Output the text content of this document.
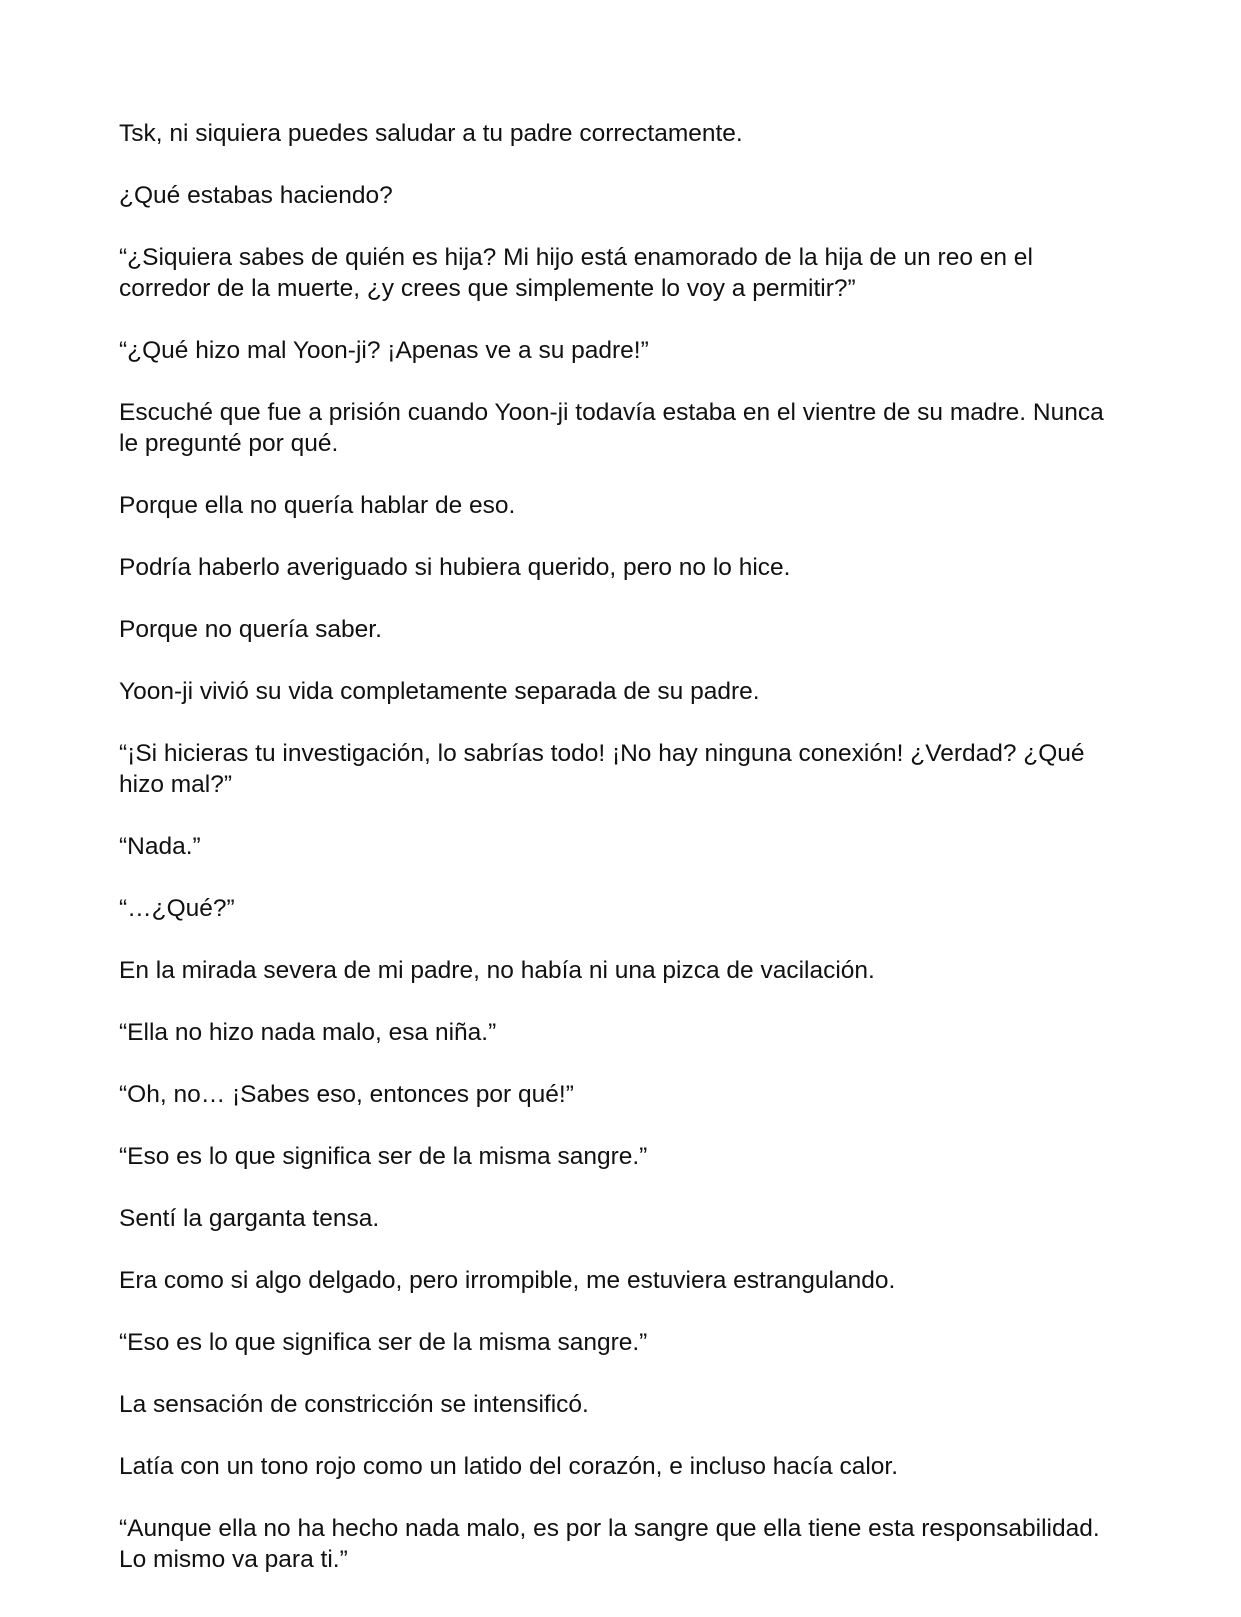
Tsk, ni siquiera puedes saludar a tu padre correctamente.

¿Qué estabas haciendo?

“¿Siquiera sabes de quién es hija? Mi hijo está enamorado de la hija de un reo en el corredor de la muerte, ¿y crees que simplemente lo voy a permitir?”

“¿Qué hizo mal Yoon-ji? ¡Apenas ve a su padre!”

Escuché que fue a prisión cuando Yoon-ji todavía estaba en el vientre de su madre. Nunca le pregunté por qué.

Porque ella no quería hablar de eso.

Podría haberlo averiguado si hubiera querido, pero no lo hice.

Porque no quería saber.

Yoon-ji vivió su vida completamente separada de su padre.

“¡Si hicieras tu investigación, lo sabrías todo! ¡No hay ninguna conexión! ¿Verdad? ¿Qué hizo mal?”

“Nada.”

“…¿Qué?”

En la mirada severa de mi padre, no había ni una pizca de vacilación.

“Ella no hizo nada malo, esa niña.”

“Oh, no… ¡Sabes eso, entonces por qué!”

“Eso es lo que significa ser de la misma sangre.”

Sentí la garganta tensa.

Era como si algo delgado, pero irrompible, me estuviera estrangulando.

“Eso es lo que significa ser de la misma sangre.”

La sensación de constricción se intensificó.

Latía con un tono rojo como un latido del corazón, e incluso hacía calor.

“Aunque ella no ha hecho nada malo, es por la sangre que ella tiene esta responsabilidad. Lo mismo va para ti.”
